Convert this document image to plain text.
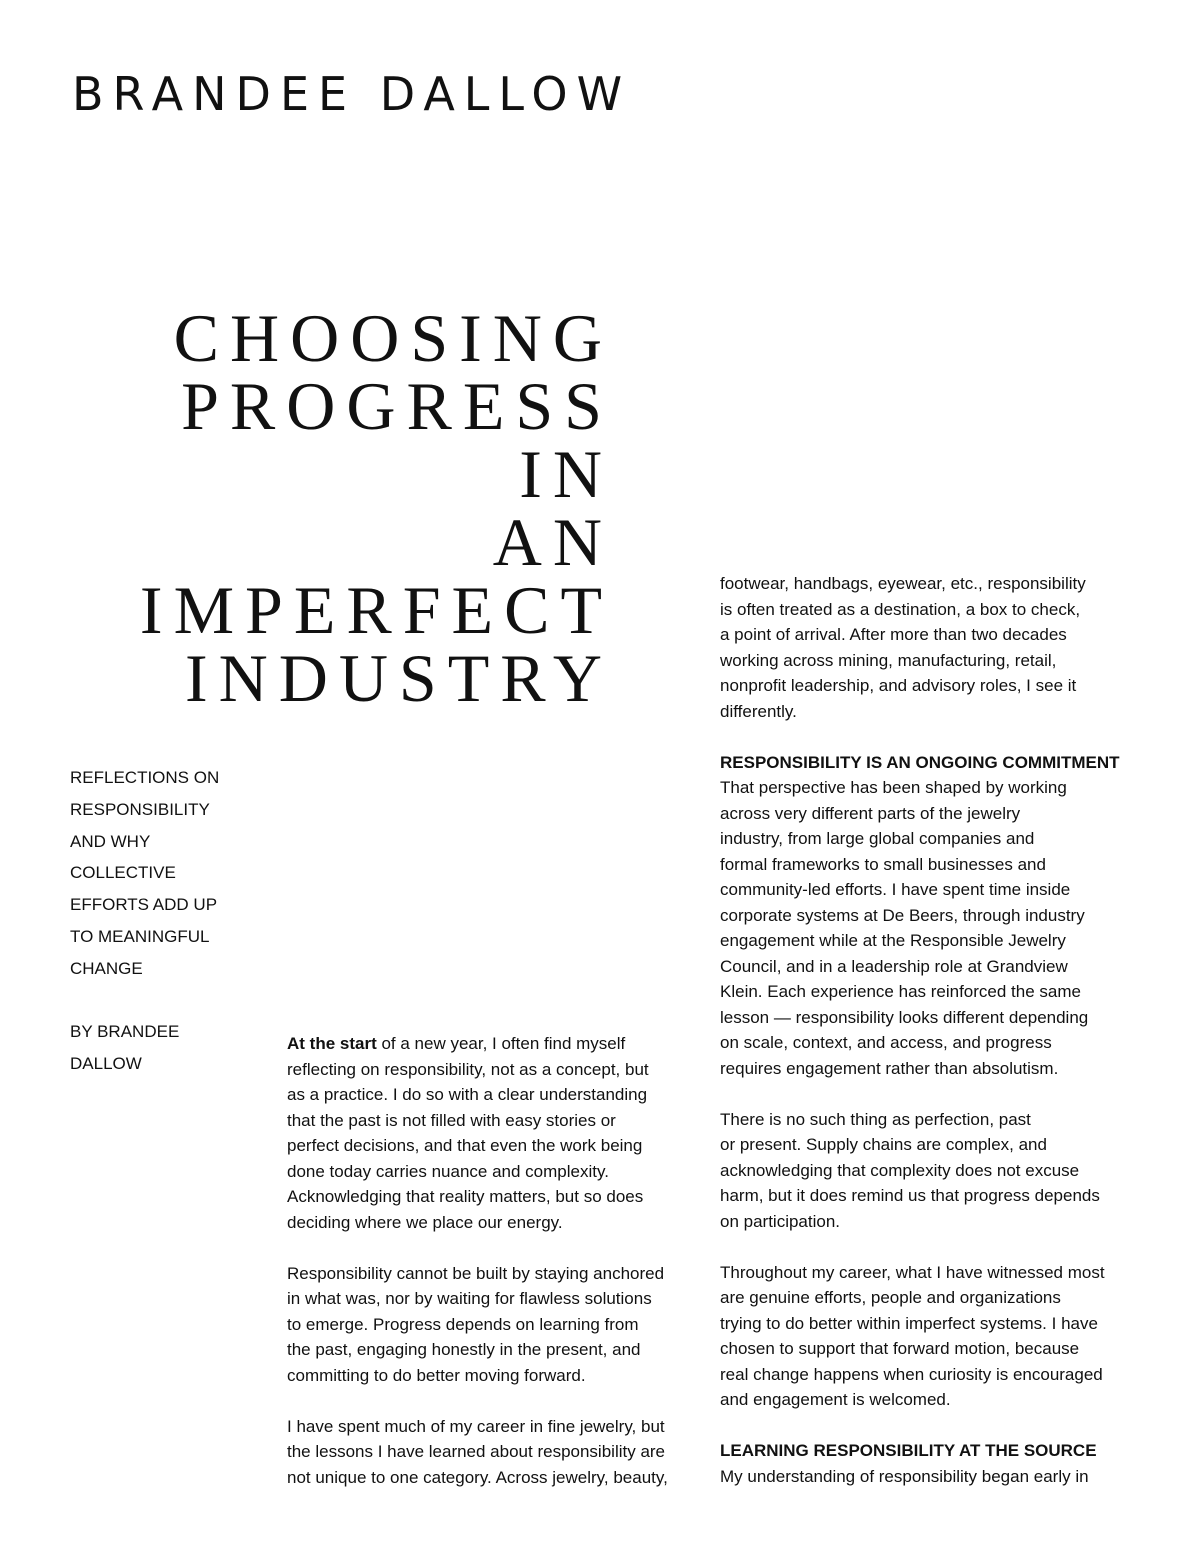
BRANDEE DALLOW
CHOOSING
PROGRESS
IN
AN
IMPERFECT
INDUSTRY
REFLECTIONS ON
RESPONSIBILITY
AND WHY
COLLECTIVE
EFFORTS ADD UP
TO MEANINGFUL
CHANGE
BY BRANDEE
DALLOW

At the start of a new year, I often find myself
reflecting on responsibility, not as a concept, but
as a practice. I do so with a clear understanding
that the past is not filled with easy stories or
perfect decisions, and that even the work being
done today carries nuance and complexity.
Acknowledging that reality matters, but so does
deciding where we place our energy.

Responsibility cannot be built by staying anchored
in what was, nor by waiting for flawless solutions
to emerge. Progress depends on learning from
the past, engaging honestly in the present, and
committing to do better moving forward.

I have spent much of my career in fine jewelry, but
the lessons I have learned about responsibility are
not unique to one category. Across jewelry, beauty,

footwear, handbags, eyewear, etc., responsibility
is often treated as a destination, a box to check,
a point of arrival. After more than two decades
working across mining, manufacturing, retail,
nonprofit leadership, and advisory roles, I see it
differently.

RESPONSIBILITY IS AN ONGOING COMMITMENT
That perspective has been shaped by working
across very different parts of the jewelry
industry, from large global companies and
formal frameworks to small businesses and
community-led efforts. I have spent time inside
corporate systems at De Beers, through industry
engagement while at the Responsible Jewelry
Council, and in a leadership role at Grandview
Klein. Each experience has reinforced the same
lesson — responsibility looks different depending
on scale, context, and access, and progress
requires engagement rather than absolutism.

There is no such thing as perfection, past
or present. Supply chains are complex, and
acknowledging that complexity does not excuse
harm, but it does remind us that progress depends
on participation.

Throughout my career, what I have witnessed most
are genuine efforts, people and organizations
trying to do better within imperfect systems. I have
chosen to support that forward motion, because
real change happens when curiosity is encouraged
and engagement is welcomed.

LEARNING RESPONSIBILITY AT THE SOURCE
My understanding of responsibility began early in
